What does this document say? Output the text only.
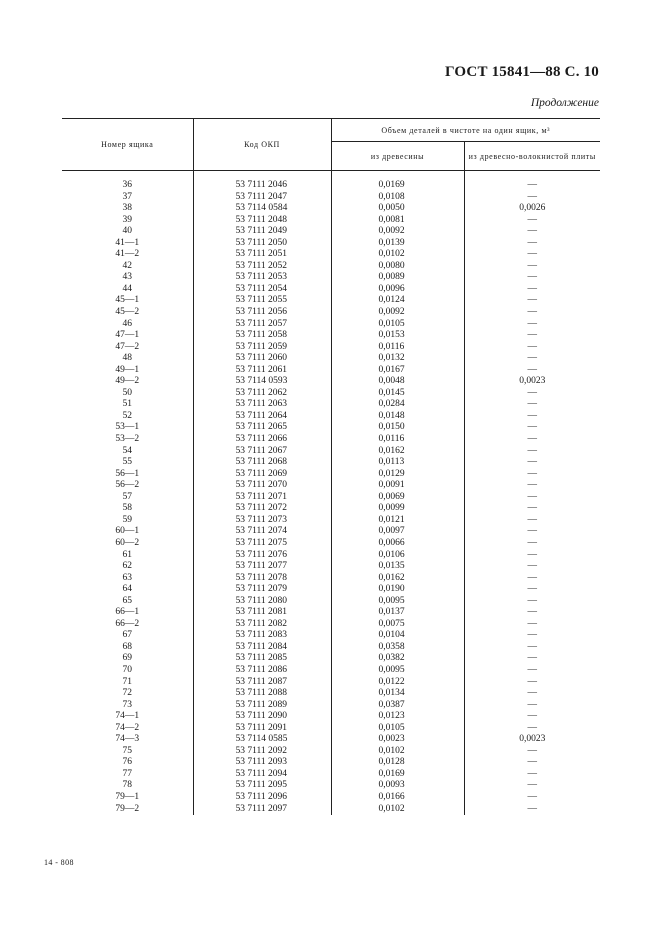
ГОСТ 15841—88 С. 10
Продолжение
Номер ящика	Код ОКП	Объем деталей в чистоте на один ящик, м³	
		из древесины	из древесно-волокнистой плиты

36	53 7111 2046	0,0169	—
37	53 7111 2047	0,0108	—
38	53 7114 0584	0,0050	0,0026
39	53 7111 2048	0,0081	—
40	53 7111 2049	0,0092	—
41—1	53 7111 2050	0,0139	—
41—2	53 7111 2051	0,0102	—
42	53 7111 2052	0,0080	—
43	53 7111 2053	0,0089	—
44	53 7111 2054	0,0096	—
45—1	53 7111 2055	0,0124	—
45—2	53 7111 2056	0,0092	—
46	53 7111 2057	0,0105	—
47—1	53 7111 2058	0,0153	—
47—2	53 7111 2059	0,0116	—
48	53 7111 2060	0,0132	—
49—1	53 7111 2061	0,0167	—
49—2	53 7114 0593	0,0048	0,0023
50	53 7111 2062	0,0145	—
51	53 7111 2063	0,0284	—
52	53 7111 2064	0,0148	—
53—1	53 7111 2065	0,0150	—
53—2	53 7111 2066	0,0116	—
54	53 7111 2067	0,0162	—
55	53 7111 2068	0,0113	—
56—1	53 7111 2069	0,0129	—
56—2	53 7111 2070	0,0091	—
57	53 7111 2071	0,0069	—
58	53 7111 2072	0,0099	—
59	53 7111 2073	0,0121	—
60—1	53 7111 2074	0,0097	—
60—2	53 7111 2075	0,0066	—
61	53 7111 2076	0,0106	—
62	53 7111 2077	0,0135	—
63	53 7111 2078	0,0162	—
64	53 7111 2079	0,0190	—
65	53 7111 2080	0,0095	—
66—1	53 7111 2081	0,0137	—
66—2	53 7111 2082	0,0075	—
67	53 7111 2083	0,0104	—
68	53 7111 2084	0,0358	—
69	53 7111 2085	0,0382	—
70	53 7111 2086	0,0095	—
71	53 7111 2087	0,0122	—
72	53 7111 2088	0,0134	—
73	53 7111 2089	0,0387	—
74—1	53 7111 2090	0,0123	—
74—2	53 7111 2091	0,0105	—
74—3	53 7114 0585	0,0023	0,0023
75	53 7111 2092	0,0102	—
76	53 7111 2093	0,0128	—
77	53 7111 2094	0,0169	—
78	53 7111 2095	0,0093	—
79—1	53 7111 2096	0,0166	—
79—2	53 7111 2097	0,0102	—
14 - 808
